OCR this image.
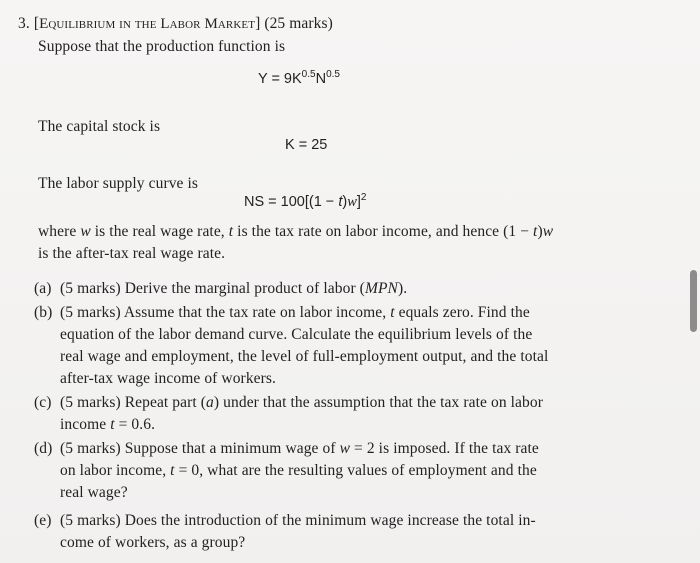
3. [Equilibrium in the Labor Market] (25 marks)
Suppose that the production function is
$Y = 9K^{0.5}N^{0.5}$
The capital stock is
K = 25
The labor supply curve is
NS = $100[(1 - t)w]^2$
where w is the real wage rate, t is the tax rate on labor income, and hence (1 − t)w
is the after-tax real wage rate.
(a) (5 marks) Derive the marginal product of labor (MPN).
(b) (5 marks) Assume that the tax rate on labor income, t equals zero. Find the
equation of the labor demand curve. Calculate the equilibrium levels of the
real wage and employment, the level of full-employment output, and the total
after-tax wage income of workers.
(c) (5 marks) Repeat part (a) under that the assumption that the tax rate on labor
income t = 0.6.
(d) (5 marks) Suppose that a minimum wage of w = 2 is imposed. If the tax rate
on labor income, t = 0, what are the resulting values of employment and the
real wage?
(e) (5 marks) Does the introduction of the minimum wage increase the total in-
come of workers, as a group?
